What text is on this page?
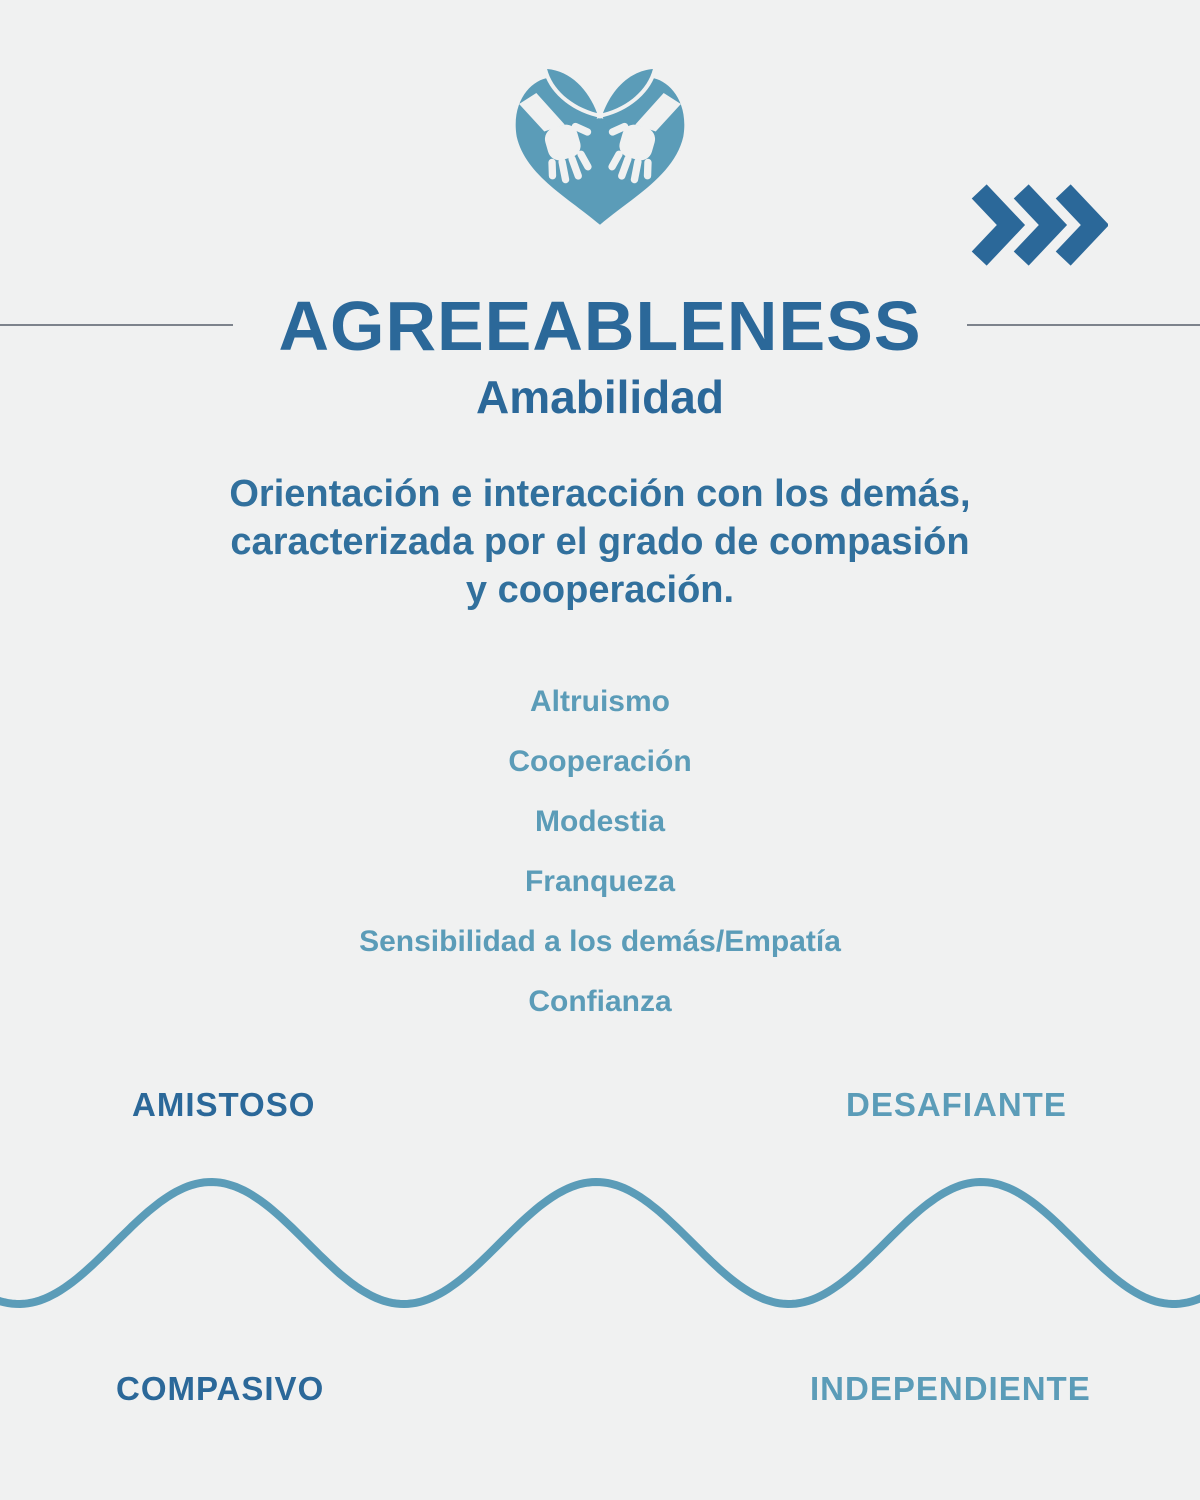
AGREEABLENESS
Amabilidad
Orientación e interacción con los demás,
caracterizada por el grado de compasión
y cooperación.
Altruismo
Cooperación
Modestia
Franqueza
Sensibilidad a los demás/Empatía
Confianza
AMISTOSO	DESAFIANTE
COMPASIVO	INDEPENDIENTE
